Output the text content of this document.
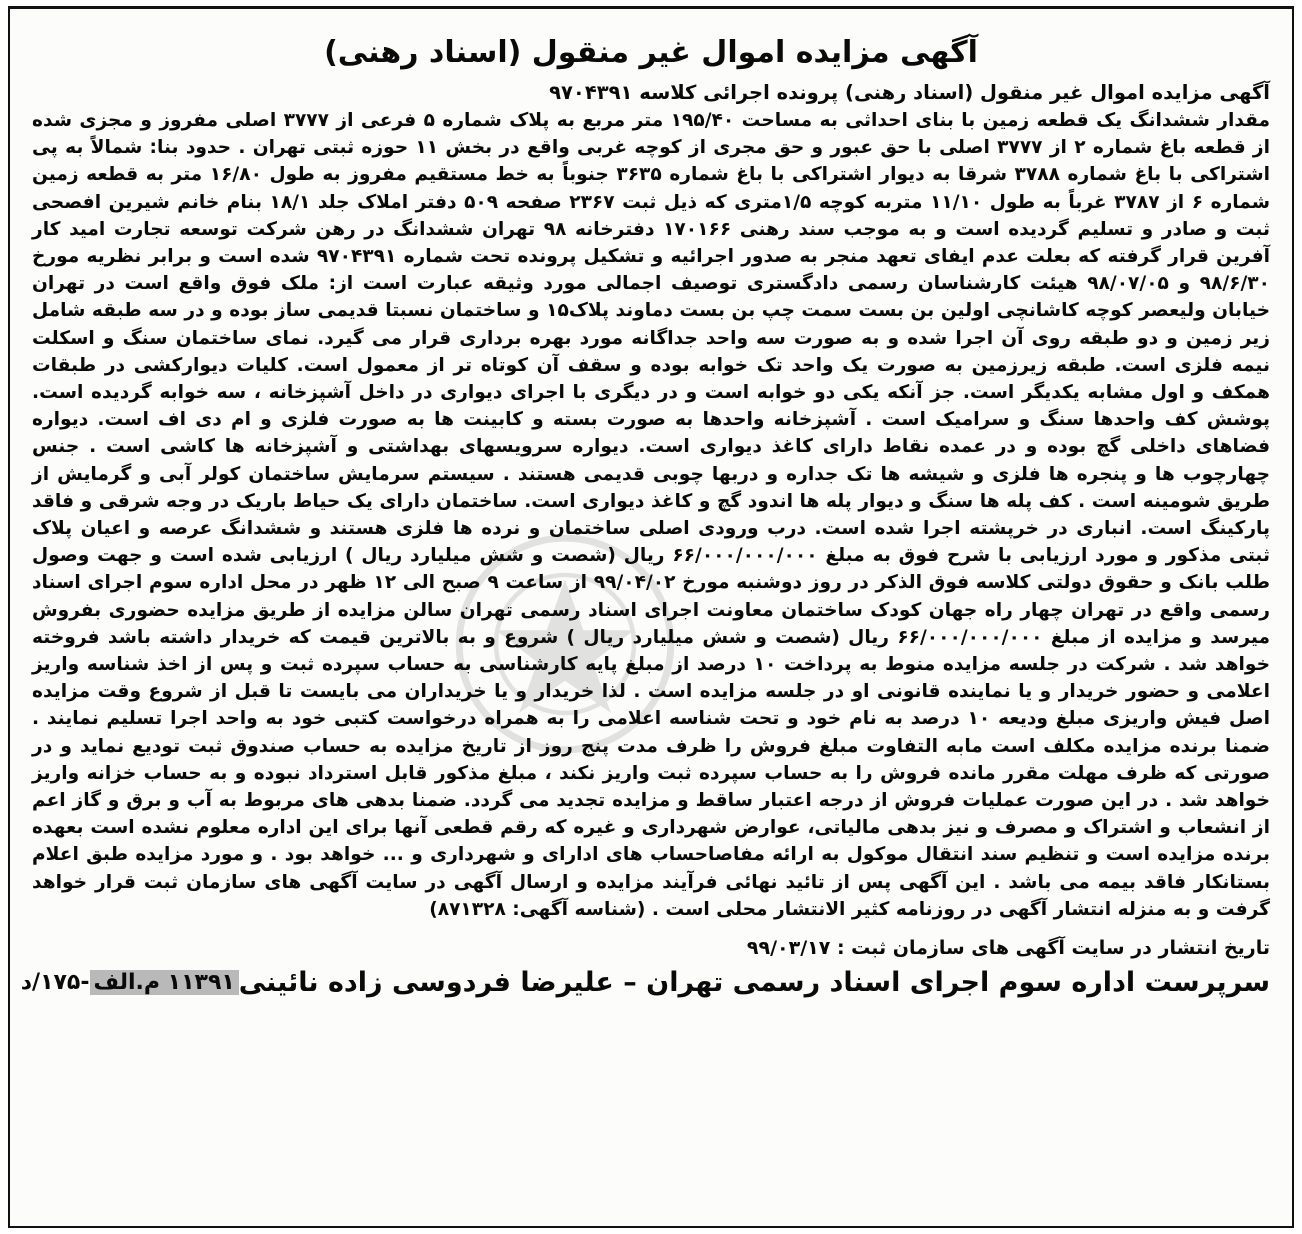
آگهی مزایده اموال غیر منقول (اسناد رهنی)

آگهی مزایده اموال غیر منقول (اسناد رهنی) پرونده اجرائی کلاسه ۹۷۰۴۳۹۱

مقدار ششدانگ یک قطعه زمین با بنای احداثی به مساحت ۱۹۵/۴۰ متر مربع به پلاک شماره ۵ فرعی از ۳۷۷۷ اصلی مفروز و مجزی شده از قطعه باغ شماره ۲ از ۳۷۷۷ اصلی با حق عبور و حق مجری از کوچه غربی واقع در بخش ۱۱ حوزه ثبتی تهران . حدود بنا: شمالاً به پی اشتراکی با باغ شماره ۳۷۸۸ شرقا به دیوار اشتراکی با باغ شماره ۳۶۳۵ جنوباً به خط مستقیم مفروز به طول ۱۶/۸۰ متر به قطعه زمین شماره ۶ از ۳۷۸۷ غرباً به طول ۱۱/۱۰ متربه کوچه ۱/۵متری که ذیل ثبت ۲۳۶۷ صفحه ۵۰۹ دفتر املاک جلد ۱۸/۱ بنام خانم شیرین افصحی ثبت و صادر و تسلیم گردیده است و به موجب سند رهنی ۱۷۰۱۶۶ دفترخانه ۹۸ تهران ششدانگ در رهن شرکت توسعه تجارت امید کار آفرین قرار گرفته که بعلت عدم ایفای تعهد منجر به صدور اجرائیه و تشکیل پرونده تحت شماره ۹۷۰۴۳۹۱ شده است و برابر نظریه مورخ ۹۸/۶/۳۰ و ۹۸/۰۷/۰۵ هیئت کارشناسان رسمی دادگستری توصیف اجمالی مورد وثیقه عبارت است از: ملک فوق واقع است در تهران خیابان ولیعصر کوچه کاشانچی اولین بن بست سمت چپ بن بست دماوند پلاک۱۵ و ساختمان نسبتا قدیمی ساز بوده و در سه طبقه شامل زیر زمین و دو طبقه روی آن اجرا شده و به صورت سه واحد جداگانه مورد بهره برداری قرار می گیرد. نمای ساختمان سنگ و اسکلت نیمه فلزی است. طبقه زیرزمین به صورت یک واحد تک خوابه بوده و سقف آن کوتاه تر از معمول است. کلیات دیوارکشی در طبقات همکف و اول مشابه یکدیگر است. جز آنکه یکی دو خوابه است و در دیگری با اجرای دیواری در داخل آشپزخانه ، سه خوابه گردیده است. پوشش کف واحدها سنگ و سرامیک است . آشپزخانه واحدها به صورت بسته و کابینت ها به صورت فلزی و ام دی اف است. دیواره فضاهای داخلی گچ بوده و در عمده نقاط دارای کاغذ دیواری است. دیواره سرویسهای بهداشتی و آشپزخانه ها کاشی است . جنس چهارچوب ها و پنجره ها فلزی و شیشه ها تک جداره و دربها چوبی قدیمی هستند . سیستم سرمایش ساختمان کولر آبی و گرمایش از طریق شومینه است . کف پله ها سنگ و دیوار پله ها اندود گچ و کاغذ دیواری است. ساختمان دارای یک حیاط باریک در وجه شرقی و فاقد پارکینگ است. انباری در خرپشته اجرا شده است. درب ورودی اصلی ساختمان و نرده ها فلزی هستند و ششدانگ عرصه و اعیان پلاک ثبتی مذکور و مورد ارزیابی با شرح فوق به مبلغ ۶۶/۰۰۰/۰۰۰/۰۰۰ ریال (شصت و شش میلیارد ریال ) ارزیابی شده است و جهت وصول طلب بانک و حقوق دولتی کلاسه فوق الذکر در روز دوشنبه مورخ ۹۹/۰۴/۰۲ از ساعت ۹ صبح الی ۱۲ ظهر در محل اداره سوم اجرای اسناد رسمی واقع در تهران چهار راه جهان کودک ساختمان معاونت اجرای اسناد رسمی تهران سالن مزایده از طریق مزایده حضوری بفروش میرسد و مزایده از مبلغ ۶۶/۰۰۰/۰۰۰/۰۰۰ ریال (شصت و شش میلیارد ریال ) شروع و به بالاترین قیمت که خریدار داشته باشد فروخته خواهد شد . شرکت در جلسه مزایده منوط به پرداخت ۱۰ درصد از مبلغ پایه کارشناسی به حساب سپرده ثبت و پس از اخذ شناسه واریز اعلامی و حضور خریدار و یا نماینده قانونی او در جلسه مزایده است . لذا خریدار و یا خریداران می بایست تا قبل از شروع وقت مزایده اصل فیش واریزی مبلغ ودیعه ۱۰ درصد به نام خود و تحت شناسه اعلامی را به همراه درخواست کتبی خود به واحد اجرا تسلیم نمایند . ضمنا برنده مزایده مکلف است مابه التفاوت مبلغ فروش را ظرف مدت پنج روز از تاریخ مزایده به حساب صندوق ثبت تودیع نماید و در صورتی که ظرف مهلت مقرر مانده فروش را به حساب سپرده ثبت واریز نکند ، مبلغ مذکور قابل استرداد نبوده و به حساب خزانه واریز خواهد شد . در این صورت عملیات فروش از درجه اعتبار ساقط و مزایده تجدید می گردد. ضمنا بدهی های مربوط به آب و برق و گاز اعم از انشعاب و اشتراک و مصرف و نیز بدهی مالیاتی، عوارض شهرداری و غیره که رقم قطعی آنها برای این اداره معلوم نشده است بعهده برنده مزایده است و تنظیم سند انتقال موکول به ارائه مفاصاحساب های ادارای و شهرداری و ... خواهد بود . و مورد مزایده طبق اعلام بستانکار فاقد بیمه می باشد . این آگهی پس از تائید نهائی فرآیند مزایده و ارسال آگهی در سایت آگهی های سازمان ثبت قرار خواهد گرفت و به منزله انتشار آگهی در روزنامه کثیر الانتشار محلی است . (شناسه آگهی: ۸۷۱۳۲۸)

تاریخ انتشار در سایت آگهی های سازمان ثبت : ۹۹/۰۳/۱۷

سرپرست اداره سوم اجرای اسناد رسمی تهران – علیرضا فردوسی زاده نائینی
۱۱۳۹۱ م.الف-۱۷۵/د
